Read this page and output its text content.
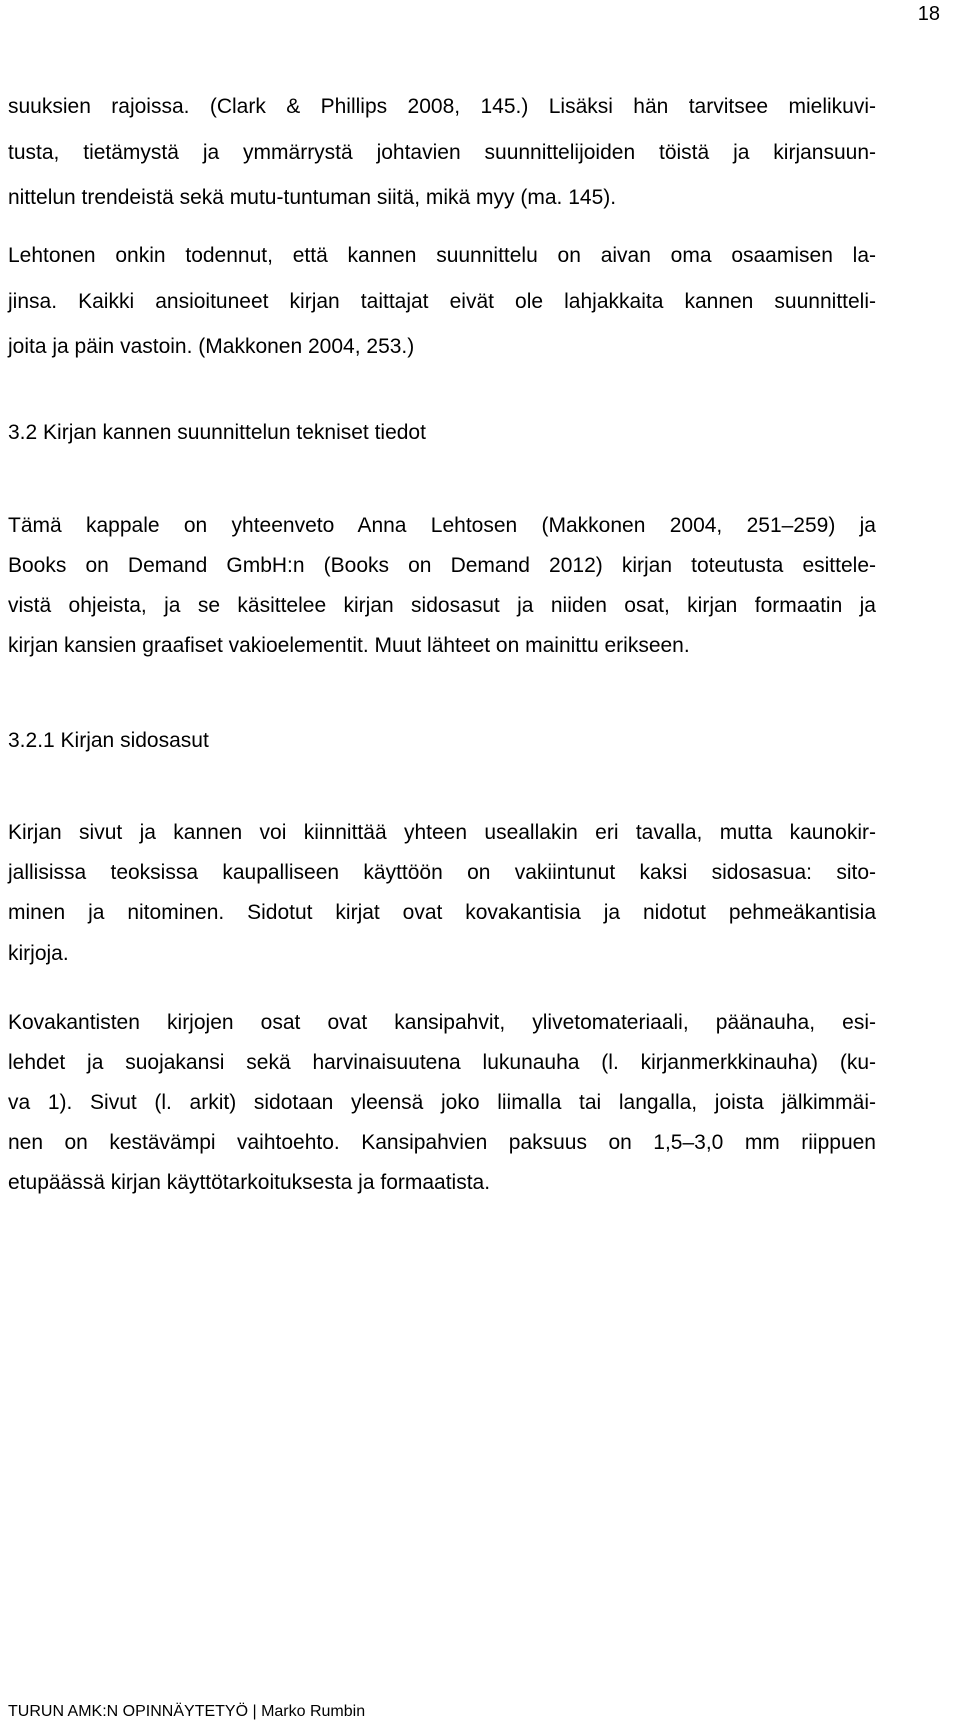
18
suuksien rajoissa. (Clark & Phillips 2008, 145.) Lisäksi hän tarvitsee mielikuvi-
tusta, tietämystä ja ymmärrystä johtavien suunnittelijoiden töistä ja kirjansuun-
nittelun trendeistä sekä mutu-tuntuman siitä, mikä myy (ma. 145).
Lehtonen onkin todennut, että kannen suunnittelu on aivan oma osaamisen la-
jinsa. Kaikki ansioituneet kirjan taittajat eivät ole lahjakkaita kannen suunnitteli-
joita ja päin vastoin. (Makkonen 2004, 253.)
3.2 Kirjan kannen suunnittelun tekniset tiedot
Tämä kappale on yhteenveto Anna Lehtosen (Makkonen 2004, 251–259) ja
Books on Demand GmbH:n (Books on Demand 2012) kirjan toteutusta esittele-
vistä ohjeista, ja se käsittelee kirjan sidosasut ja niiden osat, kirjan formaatin ja
kirjan kansien graafiset vakioelementit. Muut lähteet on mainittu erikseen.
3.2.1 Kirjan sidosasut
Kirjan sivut ja kannen voi kiinnittää yhteen useallakin eri tavalla, mutta kaunokir-
jallisissa teoksissa kaupalliseen käyttöön on vakiintunut kaksi sidosasua: sito-
minen ja nitominen. Sidotut kirjat ovat kovakantisia ja nidotut pehmeäkantisia
kirjoja.
Kovakantisten kirjojen osat ovat kansipahvit, ylivetomateriaali, päänauha, esi-
lehdet ja suojakansi sekä harvinaisuutena lukunauha (l. kirjanmerkkinauha) (ku-
va 1). Sivut (l. arkit) sidotaan yleensä joko liimalla tai langalla, joista jälkimmäi-
nen on kestävämpi vaihtoehto. Kansipahvien paksuus on 1,5–3,0 mm riippuen
etupäässä kirjan käyttötarkoituksesta ja formaatista.
TURUN AMK:N OPINNÄYTETYÖ | Marko Rumbin
